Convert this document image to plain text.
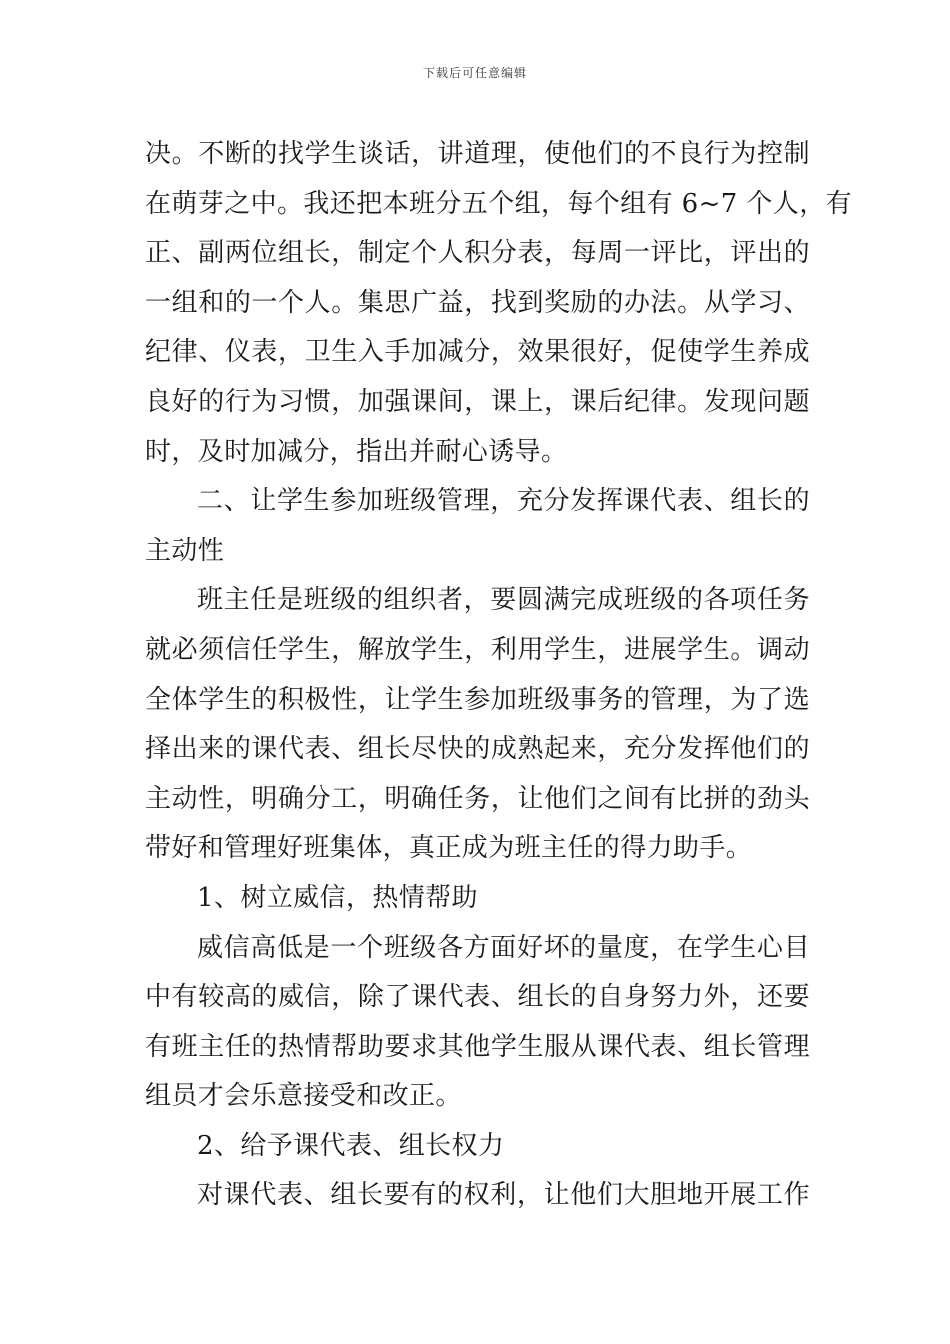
下载后可任意编辑
决。不断的找学生谈话，讲道理，使他们的不良行为控制
在萌芽之中。我还把本班分五个组，每个组有 6~7 个人，有
正、副两位组长，制定个人积分表，每周一评比，评出的
一组和的一个人。集思广益，找到奖励的办法。从学习、
纪律、仪表，卫生入手加减分，效果很好，促使学生养成
良好的行为习惯，加强课间，课上，课后纪律。发现问题
时，及时加减分，指出并耐心诱导。
二、让学生参加班级管理，充分发挥课代表、组长的
主动性
班主任是班级的组织者，要圆满完成班级的各项任务
就必须信任学生，解放学生，利用学生，进展学生。调动
全体学生的积极性，让学生参加班级事务的管理，为了选
择出来的课代表、组长尽快的成熟起来，充分发挥他们的
主动性，明确分工，明确任务，让他们之间有比拼的劲头
带好和管理好班集体，真正成为班主任的得力助手。
1、树立威信，热情帮助
威信高低是一个班级各方面好坏的量度，在学生心目
中有较高的威信，除了课代表、组长的自身努力外，还要
有班主任的热情帮助要求其他学生服从课代表、组长管理
组员才会乐意接受和改正。
2、给予课代表、组长权力
对课代表、组长要有的权利，让他们大胆地开展工作
